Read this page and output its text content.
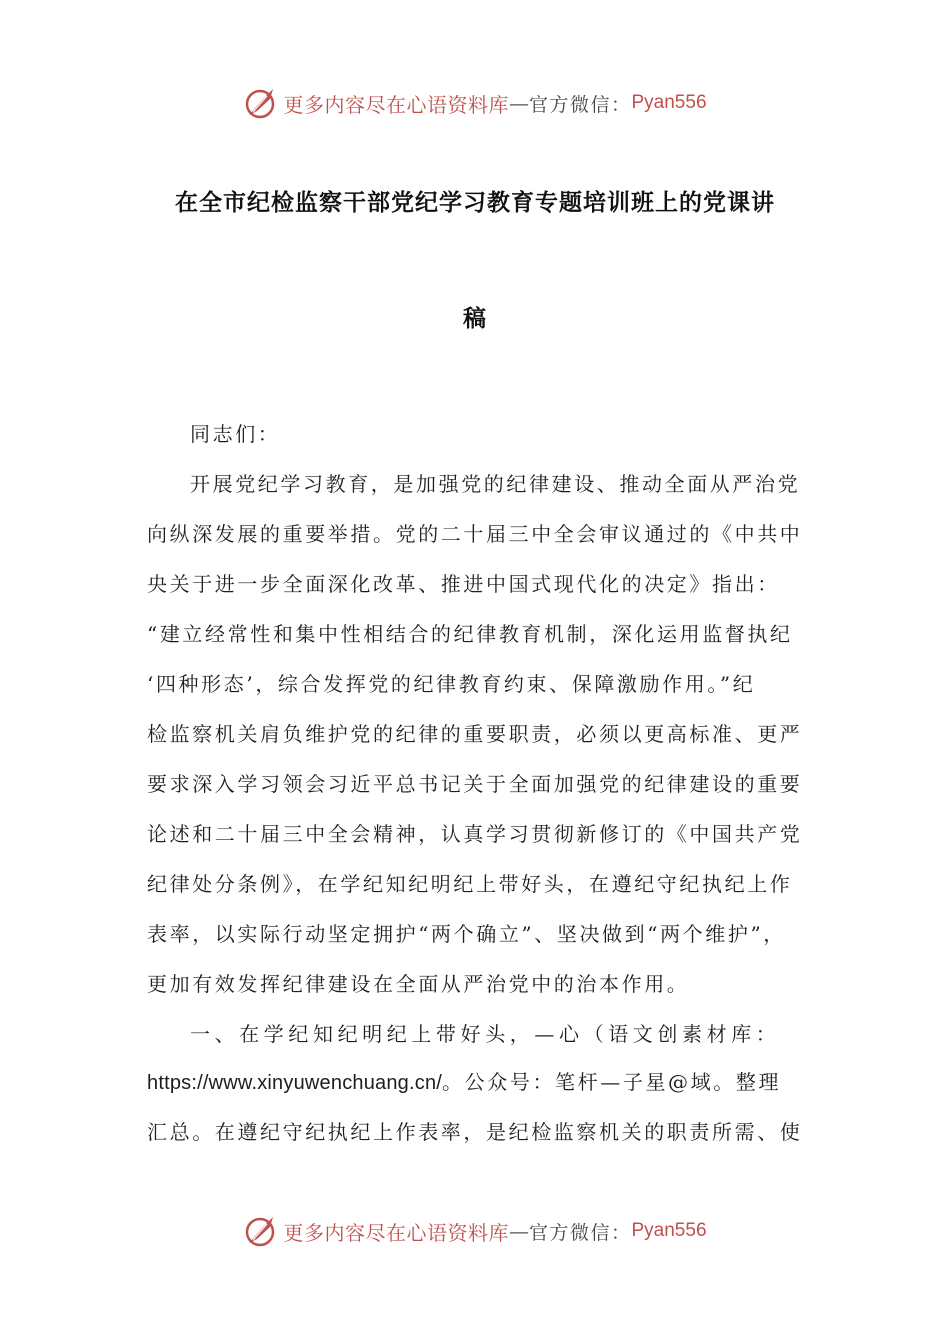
更多内容尽在心语资料库 — 官方微信： Pyan556
在全市纪检监察干部党纪学习教育专题培训班上的党课讲
稿
同志们：
开展党纪学习教育，是加强党的纪律建设、推动全面从严治党
向纵深发展的重要举措。党的二十届三中全会审议通过的《中共中
央关于进一步全面深化改革、推进中国式现代化的决定》指出：
“建立经常性和集中性相结合的纪律教育机制，深化运用监督执纪
‘四种形态’，综合发挥党的纪律教育约束、保障激励作用。”纪
检监察机关肩负维护党的纪律的重要职责，必须以更高标准、更严
要求深入学习领会习近平总书记关于全面加强党的纪律建设的重要
论述和二十届三中全会精神，认真学习贯彻新修订的《中国共产党
纪律处分条例》，在学纪知纪明纪上带好头，在遵纪守纪执纪上作
表率，以实际行动坚定拥护“两个确立”、坚决做到“两个维护”，
更加有效发挥纪律建设在全面从严治党中的治本作用。
一、在学纪知纪明纪上带好头，—心（语文创素材库：
https://www.xinyuwenchuang.cn/。公众号：笔杆—子星@域。整理
汇总。在遵纪守纪执纪上作表率，是纪检监察机关的职责所需、使
更多内容尽在心语资料库 — 官方微信： Pyan556
